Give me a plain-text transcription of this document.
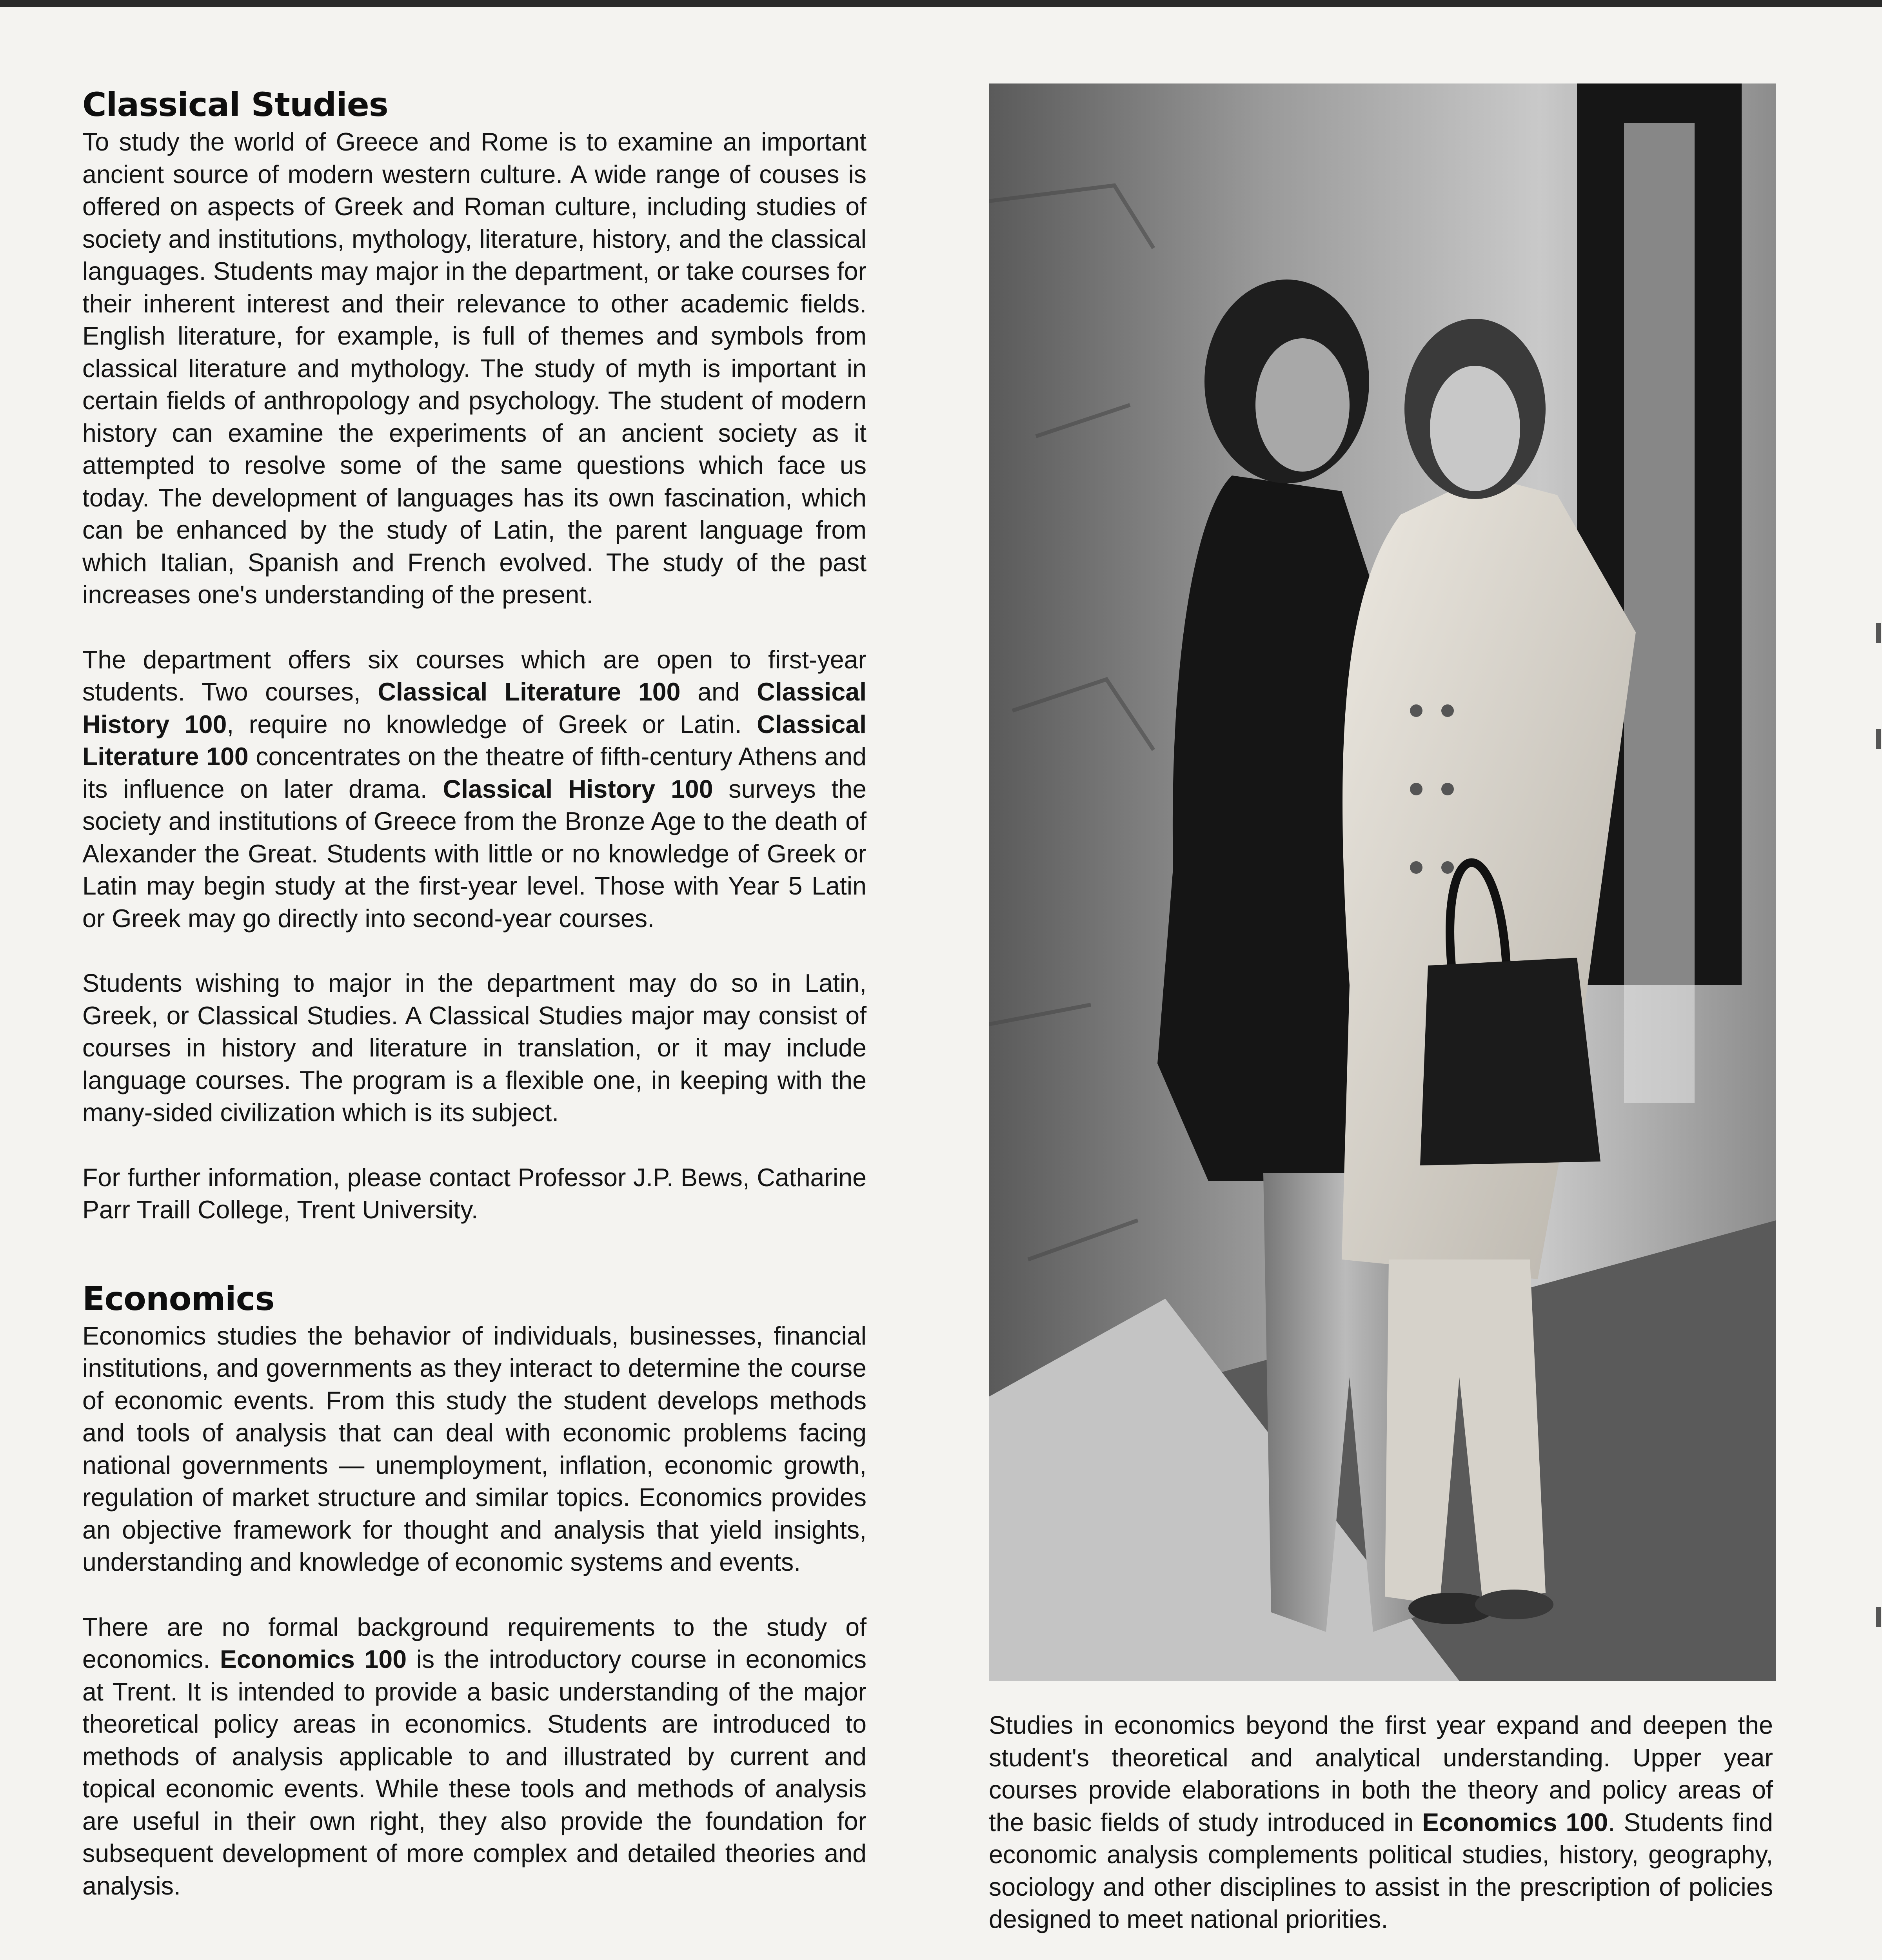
Classical Studies

To study the world of Greece and Rome is to examine an important ancient source of modern western culture. A wide range of couses is offered on aspects of Greek and Roman culture, including studies of society and institutions, mythology, literature, history, and the classical languages. Students may major in the department, or take courses for their inherent interest and their relevance to other academic fields. English literature, for example, is full of themes and symbols from classical literature and mythology. The study of myth is important in certain fields of anthropology and psychology. The student of modern history can examine the experiments of an ancient society as it attempted to resolve some of the same questions which face us today. The development of languages has its own fascination, which can be enhanced by the study of Latin, the parent language from which Italian, Spanish and French evolved. The study of the past increases one's understanding of the present.

The department offers six courses which are open to first-year students. Two courses, Classical Literature 100 and Classical History 100, require no knowledge of Greek or Latin. Classical Literature 100 concentrates on the theatre of fifth-century Athens and its influence on later drama. Classical History 100 surveys the society and institutions of Greece from the Bronze Age to the death of Alexander the Great. Students with little or no knowledge of Greek or Latin may begin study at the first-year level. Those with Year 5 Latin or Greek may go directly into second-year courses.

Students wishing to major in the department may do so in Latin, Greek, or Classical Studies. A Classical Studies major may consist of courses in history and literature in translation, or it may include language courses. The program is a flexible one, in keeping with the many-sided civilization which is its subject.

For further information, please contact Professor J.P. Bews, Catharine Parr Traill College, Trent University.

Economics

Economics studies the behavior of individuals, businesses, financial institutions, and governments as they interact to determine the course of economic events. From this study the student develops methods and tools of analysis that can deal with economic problems facing national governments — unemployment, inflation, economic growth, regulation of market structure and similar topics. Economics provides an objective framework for thought and analysis that yield insights, understanding and knowledge of economic systems and events.

There are no formal background requirements to the study of economics. Economics 100 is the introductory course in economics at Trent. It is intended to provide a basic understanding of the major theoretical policy areas in economics. Students are introduced to methods of analysis applicable to and illustrated by current and topical economic events. While these tools and methods of analysis are useful in their own right, they also provide the foundation for subsequent development of more complex and detailed theories and analysis.

Studies in economics beyond the first year expand and deepen the student's theoretical and analytical understanding. Upper year courses provide elaborations in both the theory and policy areas of the basic fields of study introduced in Economics 100. Students find economic analysis complements political studies, history, geography, sociology and other disciplines to assist in the prescription of policies designed to meet national priorities.
